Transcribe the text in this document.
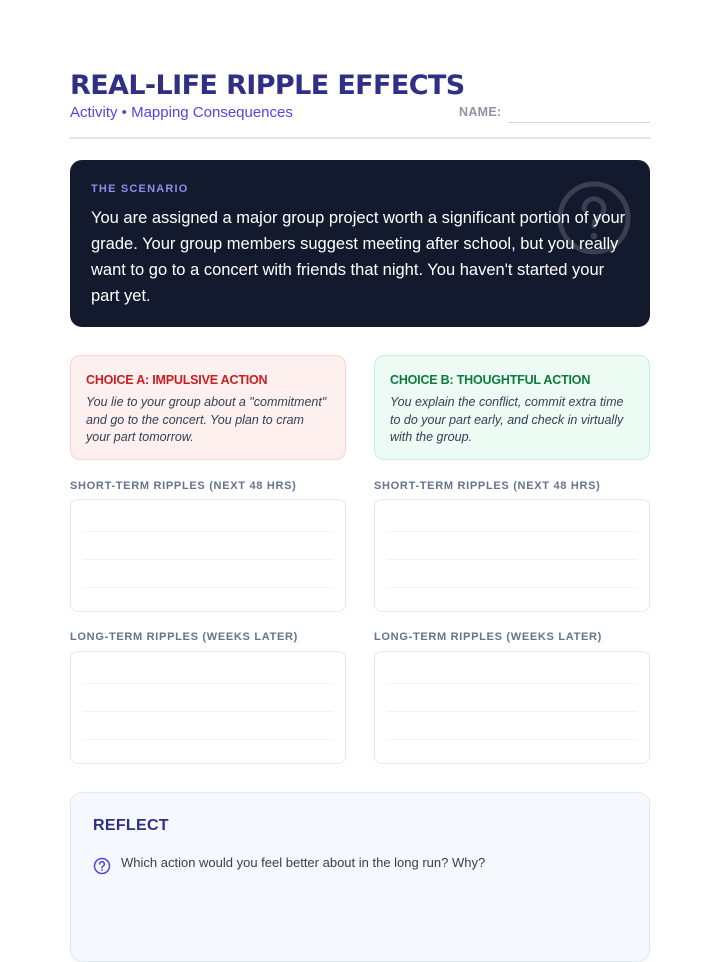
REAL-LIFE RIPPLE EFFECTS
Activity • Mapping Consequences	NAME:
THE SCENARIO
You are assigned a major group project worth a significant portion of your grade. Your group members suggest meeting after school, but you really want to go to a concert with friends that night. You haven't started your part yet.
CHOICE A: IMPULSIVE ACTION
You lie to your group about a "commitment" and go to the concert. You plan to cram your part tomorrow.
CHOICE B: THOUGHTFUL ACTION
You explain the conflict, commit extra time to do your part early, and check in virtually with the group.
SHORT-TERM RIPPLES (NEXT 48 HRS)	SHORT-TERM RIPPLES (NEXT 48 HRS)
LONG-TERM RIPPLES (WEEKS LATER)	LONG-TERM RIPPLES (WEEKS LATER)
REFLECT
Which action would you feel better about in the long run? Why?
